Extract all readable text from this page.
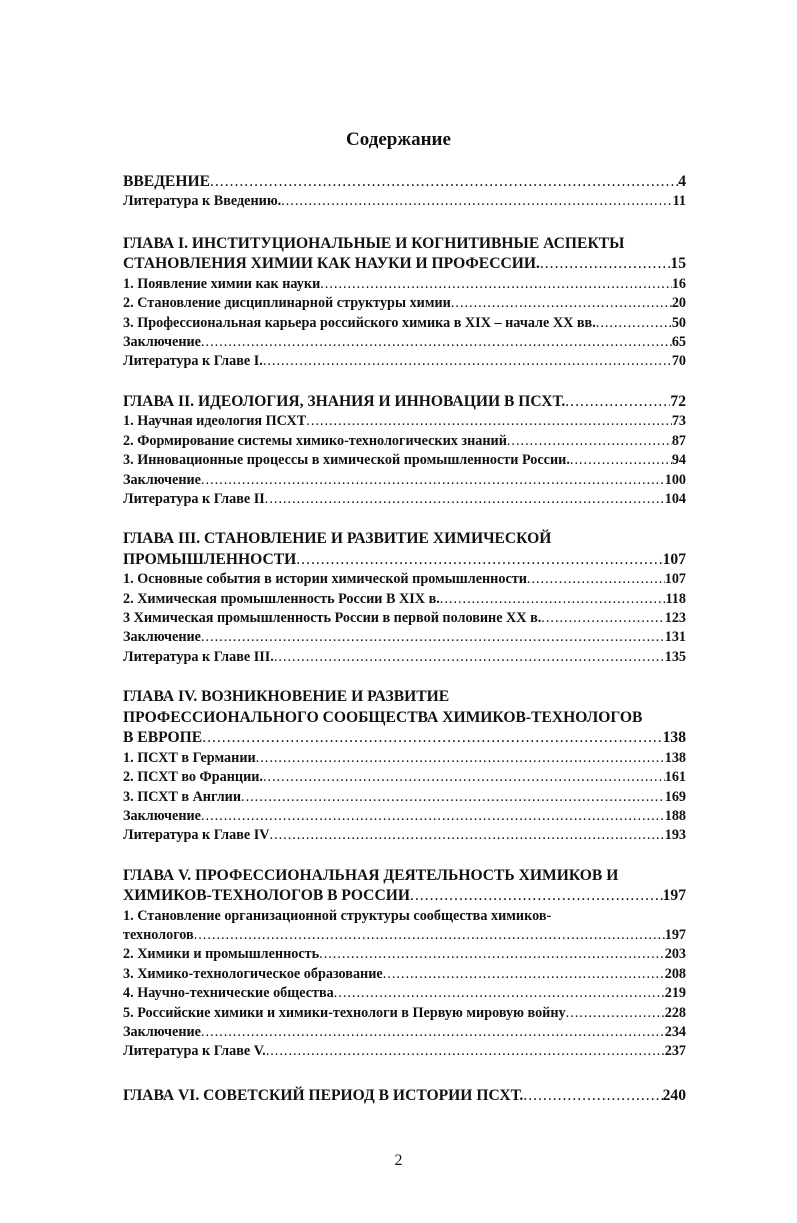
Содержание
ВВЕДЕНИЕ .....	4
Литература к Введению. .....	11
ГЛАВА I. ИНСТИТУЦИОНАЛЬНЫЕ И КОГНИТИВНЫЕ АСПЕКТЫ
СТАНОВЛЕНИЯ ХИМИИ КАК НАУКИ И ПРОФЕССИИ. .....	15
1. Появление химии как науки .....	16
2. Становление дисциплинарной структуры химии .....	20
3. Профессиональная карьера российского химика в XIX – начале XX вв. .....	50
Заключение .....	65
Литература к Главе I. .....	70
ГЛАВА II. ИДЕОЛОГИЯ, ЗНАНИЯ И ИННОВАЦИИ В ПСХТ. .....	72
1. Научная идеология ПСХТ .....	73
2. Формирование системы химико-технологических знаний .....	87
3. Инновационные процессы в химической промышленности России. .....	94
Заключение .....	100
Литература к Главе II .....	104
ГЛАВА III. СТАНОВЛЕНИЕ И РАЗВИТИЕ ХИМИЧЕСКОЙ
ПРОМЫШЛЕННОСТИ .....	107
1. Основные события в истории химической промышленности .....	107
2. Химическая промышленность России В XIX в. .....	118
3 Химическая промышленность России в первой половине XX в. .....	123
Заключение .....	131
Литература к Главе III. .....	135
ГЛАВА IV. ВОЗНИКНОВЕНИЕ И РАЗВИТИЕ
ПРОФЕССИОНАЛЬНОГО СООБЩЕСТВА ХИМИКОВ-ТЕХНОЛОГОВ
В ЕВРОПЕ .....	138
1. ПСХТ в Германии .....	138
2. ПСХТ во Франции. .....	161
3. ПСХТ в Англии .....	169
Заключение .....	188
Литература к Главе IV .....	193
ГЛАВА V. ПРОФЕССИОНАЛЬНАЯ ДЕЯТЕЛЬНОСТЬ ХИМИКОВ И
ХИМИКОВ-ТЕХНОЛОГОВ В РОССИИ .....	197
1. Становление организационной структуры сообщества химиков-
технологов .....	197
2. Химики и промышленность .....	203
3. Химико-технологическое образование .....	208
4. Научно-технические общества .....	219
5. Российские химики и химики-технологи в Первую мировую войну .....	228
Заключение .....	234
Литература к Главе V. .....	237
ГЛАВА VI. СОВЕТСКИЙ ПЕРИОД В ИСТОРИИ ПСХТ. .....	240
2
